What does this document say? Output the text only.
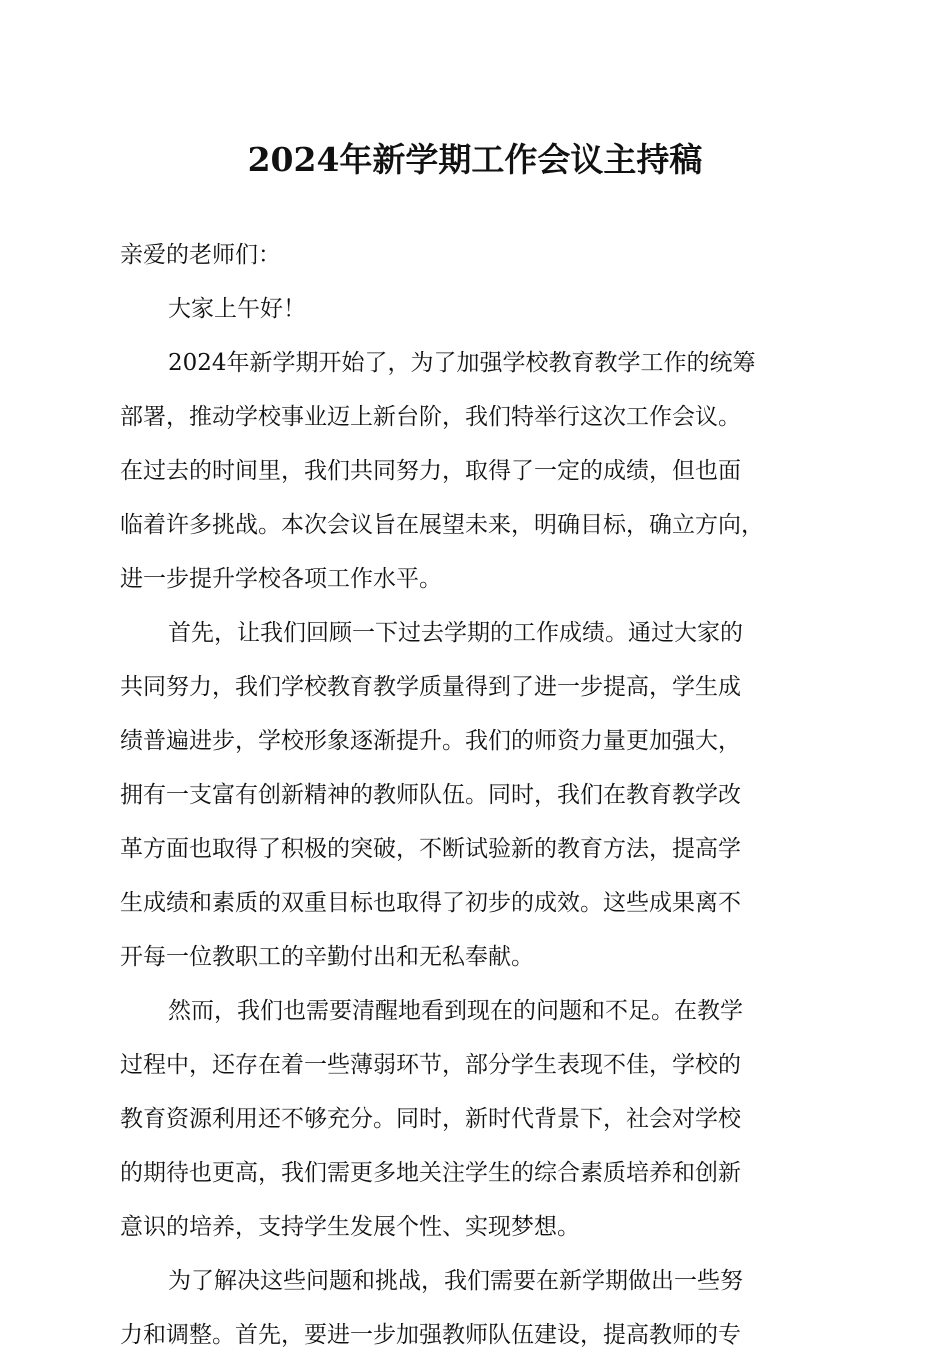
2024年新学期工作会议主持稿

亲爱的老师们：

大家上午好！
2024年新学期开始了，为了加强学校教育教学工作的统筹
部署，推动学校事业迈上新台阶，我们特举行这次工作会议。
在过去的时间里，我们共同努力，取得了一定的成绩，但也面
临着许多挑战。本次会议旨在展望未来，明确目标，确立方向，
进一步提升学校各项工作水平。
首先，让我们回顾一下过去学期的工作成绩。通过大家的
共同努力，我们学校教育教学质量得到了进一步提高，学生成
绩普遍进步，学校形象逐渐提升。我们的师资力量更加强大，
拥有一支富有创新精神的教师队伍。同时，我们在教育教学改
革方面也取得了积极的突破，不断试验新的教育方法，提高学
生成绩和素质的双重目标也取得了初步的成效。这些成果离不
开每一位教职工的辛勤付出和无私奉献。
然而，我们也需要清醒地看到现在的问题和不足。在教学
过程中，还存在着一些薄弱环节，部分学生表现不佳，学校的
教育资源利用还不够充分。同时，新时代背景下，社会对学校
的期待也更高，我们需更多地关注学生的综合素质培养和创新
意识的培养，支持学生发展个性、实现梦想。
为了解决这些问题和挑战，我们需要在新学期做出一些努
力和调整。首先，要进一步加强教师队伍建设，提高教师的专
